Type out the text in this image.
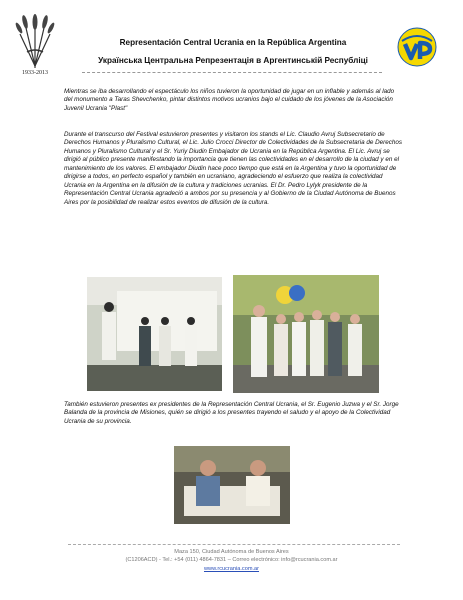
1933-2013
Representación Central Ucrania en la República Argentina
Українська Центральна Репрезентація в Аргентинській Республіці

Mientras se iba desarrollando el espectáculo los niños tuvieron la oportunidad de jugar en un inflable y además al lado del monumento a Taras Shevchenko, pintar distintos motivos ucranios bajo el cuidado de los jóvenes de la Asociación Juvenil Ucrania "Plast"

Durante el transcurso del Festival estuvieron presentes y visitaron los stands el Lic. Claudio Avruj Subsecretario de Derechos Humanos y Pluralismo Cultural, el Lic. Julio Crocci Director de Colectividades de la Subsecretaria de Derechos Humanos y Pluralismo Cultural y el Sr. Yuriy Diudin Embajador de Ucrania en la República Argentina. El Lic. Avruj se dirigió al público presente manifestando la importancia que tienen las colectividades en el desarrollo de la ciudad y en el mantenimiento de los valores. El embajador Diudin hace poco tiempo que está en la Argentina y tuvo la oportunidad de dirigirse a todos, en perfecto español y también en ucraniano, agradeciendo el esfuerzo que realiza la colectividad Ucrania en la Argentina en la difusión de la cultura y tradiciones ucranias. El Dr. Pedro Lylyk presidente de la Representación Central Ucrania agradeció a ambos por su presencia y al Gobierno de la Ciudad Autónoma de Buenos Aires por la posibilidad de realizar estos eventos de difusión de la cultura.

También estuvieron presentes ex presidentes de la Representación Central Ucrania, el Sr. Eugenio Juzwa y el Sr. Jorge Balanda de la provincia de Misiones, quién se dirigió a los presentes trayendo el saludo y el apoyo de la Colectividad Ucrania de su provincia.

Maza 150, Ciudad Autónoma de Buenos Aires
(C1206ACD) - Tel.: +54 (011) 4864-7831 – Correo electrónico: info@rcucrania.com.ar
www.rcucrania.com.ar
